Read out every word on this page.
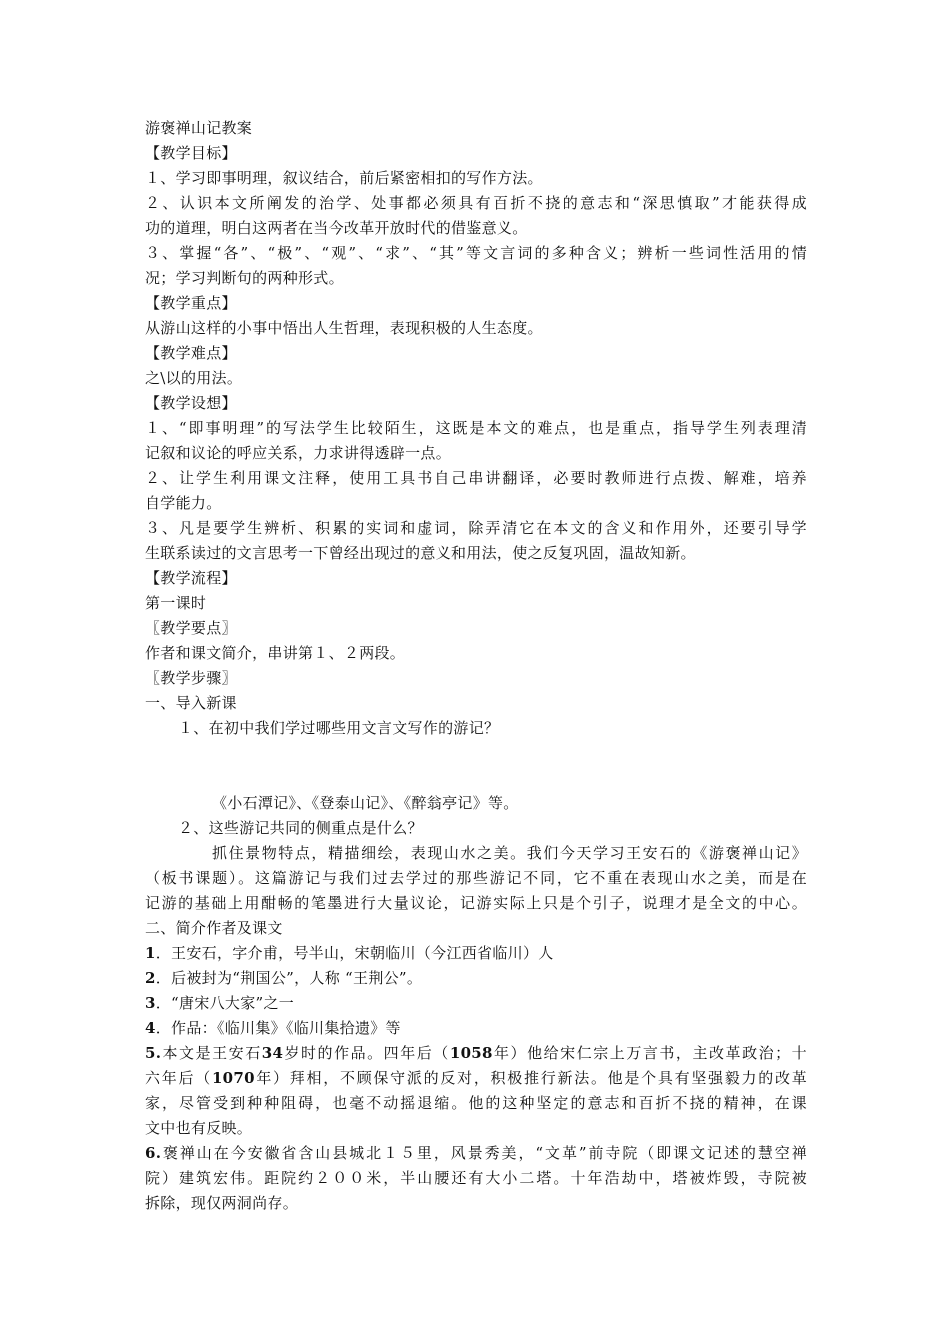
游褒禅山记教案
【教学目标】
１、学习即事明理，叙议结合，前后紧密相扣的写作方法。
２、认识本文所阐发的治学、处事都必须具有百折不挠的意志和“深思慎取”才能获得成
功的道理，明白这两者在当今改革开放时代的借鉴意义。
３、掌握“各”、“极”、“观”、“求”、“其”等文言词的多种含义；辨析一些词性活用的情
况；学习判断句的两种形式。
【教学重点】
从游山这样的小事中悟出人生哲理，表现积极的人生态度。
【教学难点】
之\以的用法。
【教学设想】
１、“即事明理”的写法学生比较陌生，这既是本文的难点，也是重点，指导学生列表理清
记叙和议论的呼应关系，力求讲得透辟一点。
２、让学生利用课文注释，使用工具书自己串讲翻译，必要时教师进行点拨、解难，培养
自学能力。
３、凡是要学生辨析、积累的实词和虚词，除弄清它在本文的含义和作用外，还要引导学
生联系读过的文言思考一下曾经出现过的意义和用法，使之反复巩固，温故知新。
【教学流程】
第一课时
〖教学要点〗
作者和课文简介，串讲第１、２两段。
〖教学步骤〗
一、导入新课
１、在初中我们学过哪些用文言文写作的游记？
《小石潭记》、《登泰山记》、《醉翁亭记》等。
２、这些游记共同的侧重点是什么？
抓住景物特点，精描细绘，表现山水之美。我们今天学习王安石的《游褒禅山记》
（板书课题）。这篇游记与我们过去学过的那些游记不同，它不重在表现山水之美，而是在
记游的基础上用酣畅的笔墨进行大量议论，记游实际上只是个引子，说理才是全文的中心。
二、简介作者及课文
1．王安石，字介甫，号半山，宋朝临川（今江西省临川）人
2．后被封为“荆国公”，人称 “王荆公”。
3．“唐宋八大家”之一
4．作品：《临川集》《临川集拾遗》等
5.本文是王安石34岁时的作品。四年后（1058年）他给宋仁宗上万言书，主改革政治；十
六年后（1070年）拜相，不顾保守派的反对，积极推行新法。他是个具有坚强毅力的改革
家，尽管受到种种阻碍，也毫不动摇退缩。他的这种坚定的意志和百折不挠的精神，在课
文中也有反映。
6.褒禅山在今安徽省含山县城北１５里，风景秀美，“文革”前寺院（即课文记述的慧空禅
院）建筑宏伟。距院约２００米，半山腰还有大小二塔。十年浩劫中，塔被炸毁，寺院被
拆除，现仅两洞尚存。
